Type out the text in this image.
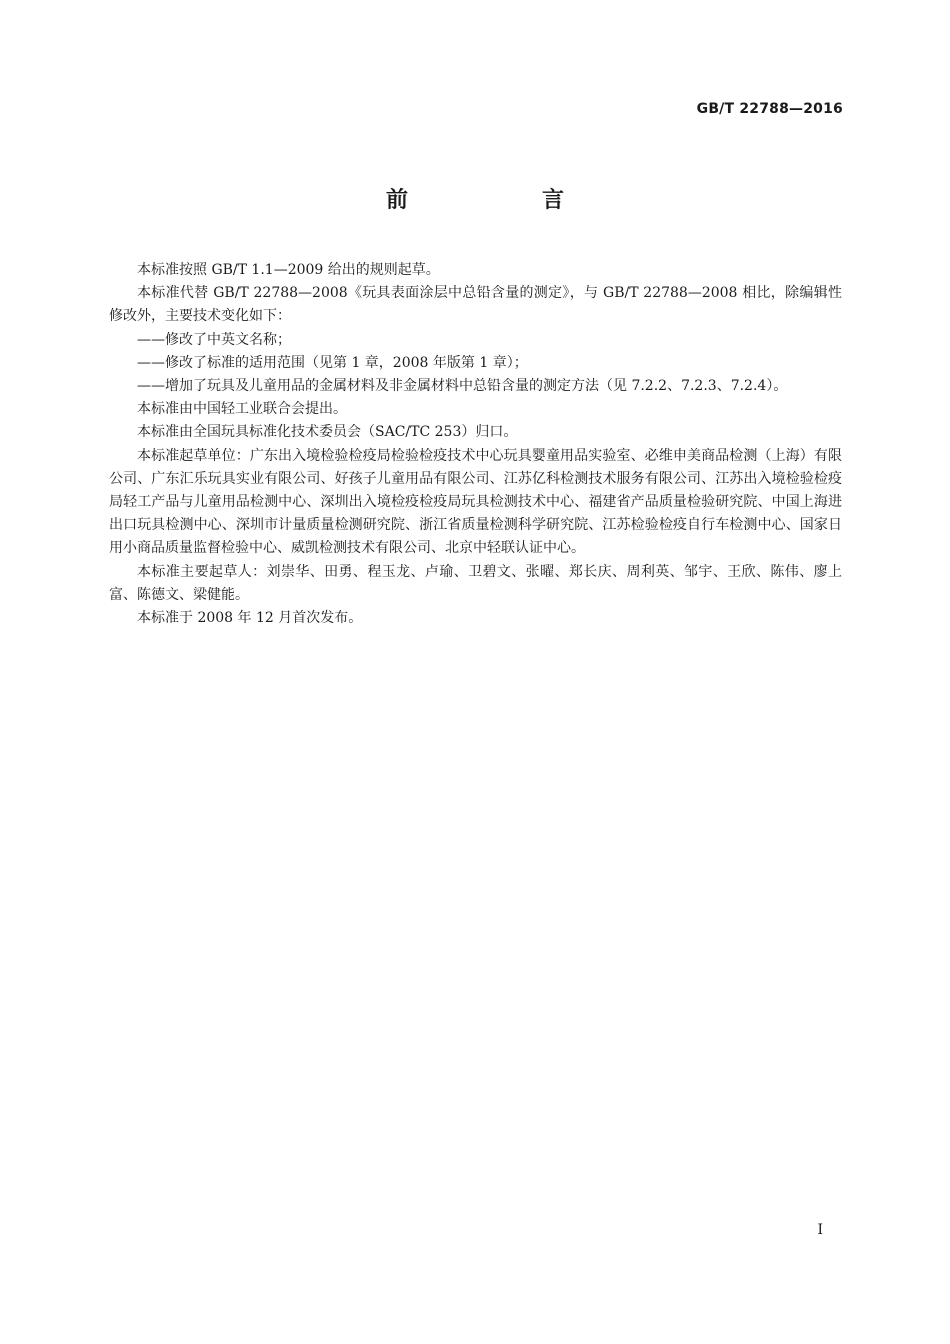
GB/T 22788—2016
前　言

本标准按照 GB/T 1.1—2009 给出的规则起草。

本标准代替 GB/T 22788—2008《玩具表面涂层中总铅含量的测定》，与 GB/T 22788—2008 相比，除编辑性修改外，主要技术变化如下：

——修改了中英文名称；

——修改了标准的适用范围（见第 1 章，2008 年版第 1 章）；

——增加了玩具及儿童用品的金属材料及非金属材料中总铅含量的测定方法（见 7.2.2、7.2.3、7.2.4）。

本标准由中国轻工业联合会提出。

本标准由全国玩具标准化技术委员会（SAC/TC 253）归口。

本标准起草单位：广东出入境检验检疫局检验检疫技术中心玩具婴童用品实验室、必维申美商品检测（上海）有限公司、广东汇乐玩具实业有限公司、好孩子儿童用品有限公司、江苏亿科检测技术服务有限公司、江苏出入境检验检疫局轻工产品与儿童用品检测中心、深圳出入境检疫检疫局玩具检测技术中心、福建省产品质量检验研究院、中国上海进出口玩具检测中心、深圳市计量质量检测研究院、浙江省质量检测科学研究院、江苏检验检疫自行车检测中心、国家日用小商品质量监督检验中心、威凯检测技术有限公司、北京中轻联认证中心。

本标准主要起草人：刘崇华、田勇、程玉龙、卢瑜、卫碧文、张曜、郑长庆、周利英、邹宇、王欣、陈伟、廖上富、陈德文、梁健能。

本标准于 2008 年 12 月首次发布。

I
